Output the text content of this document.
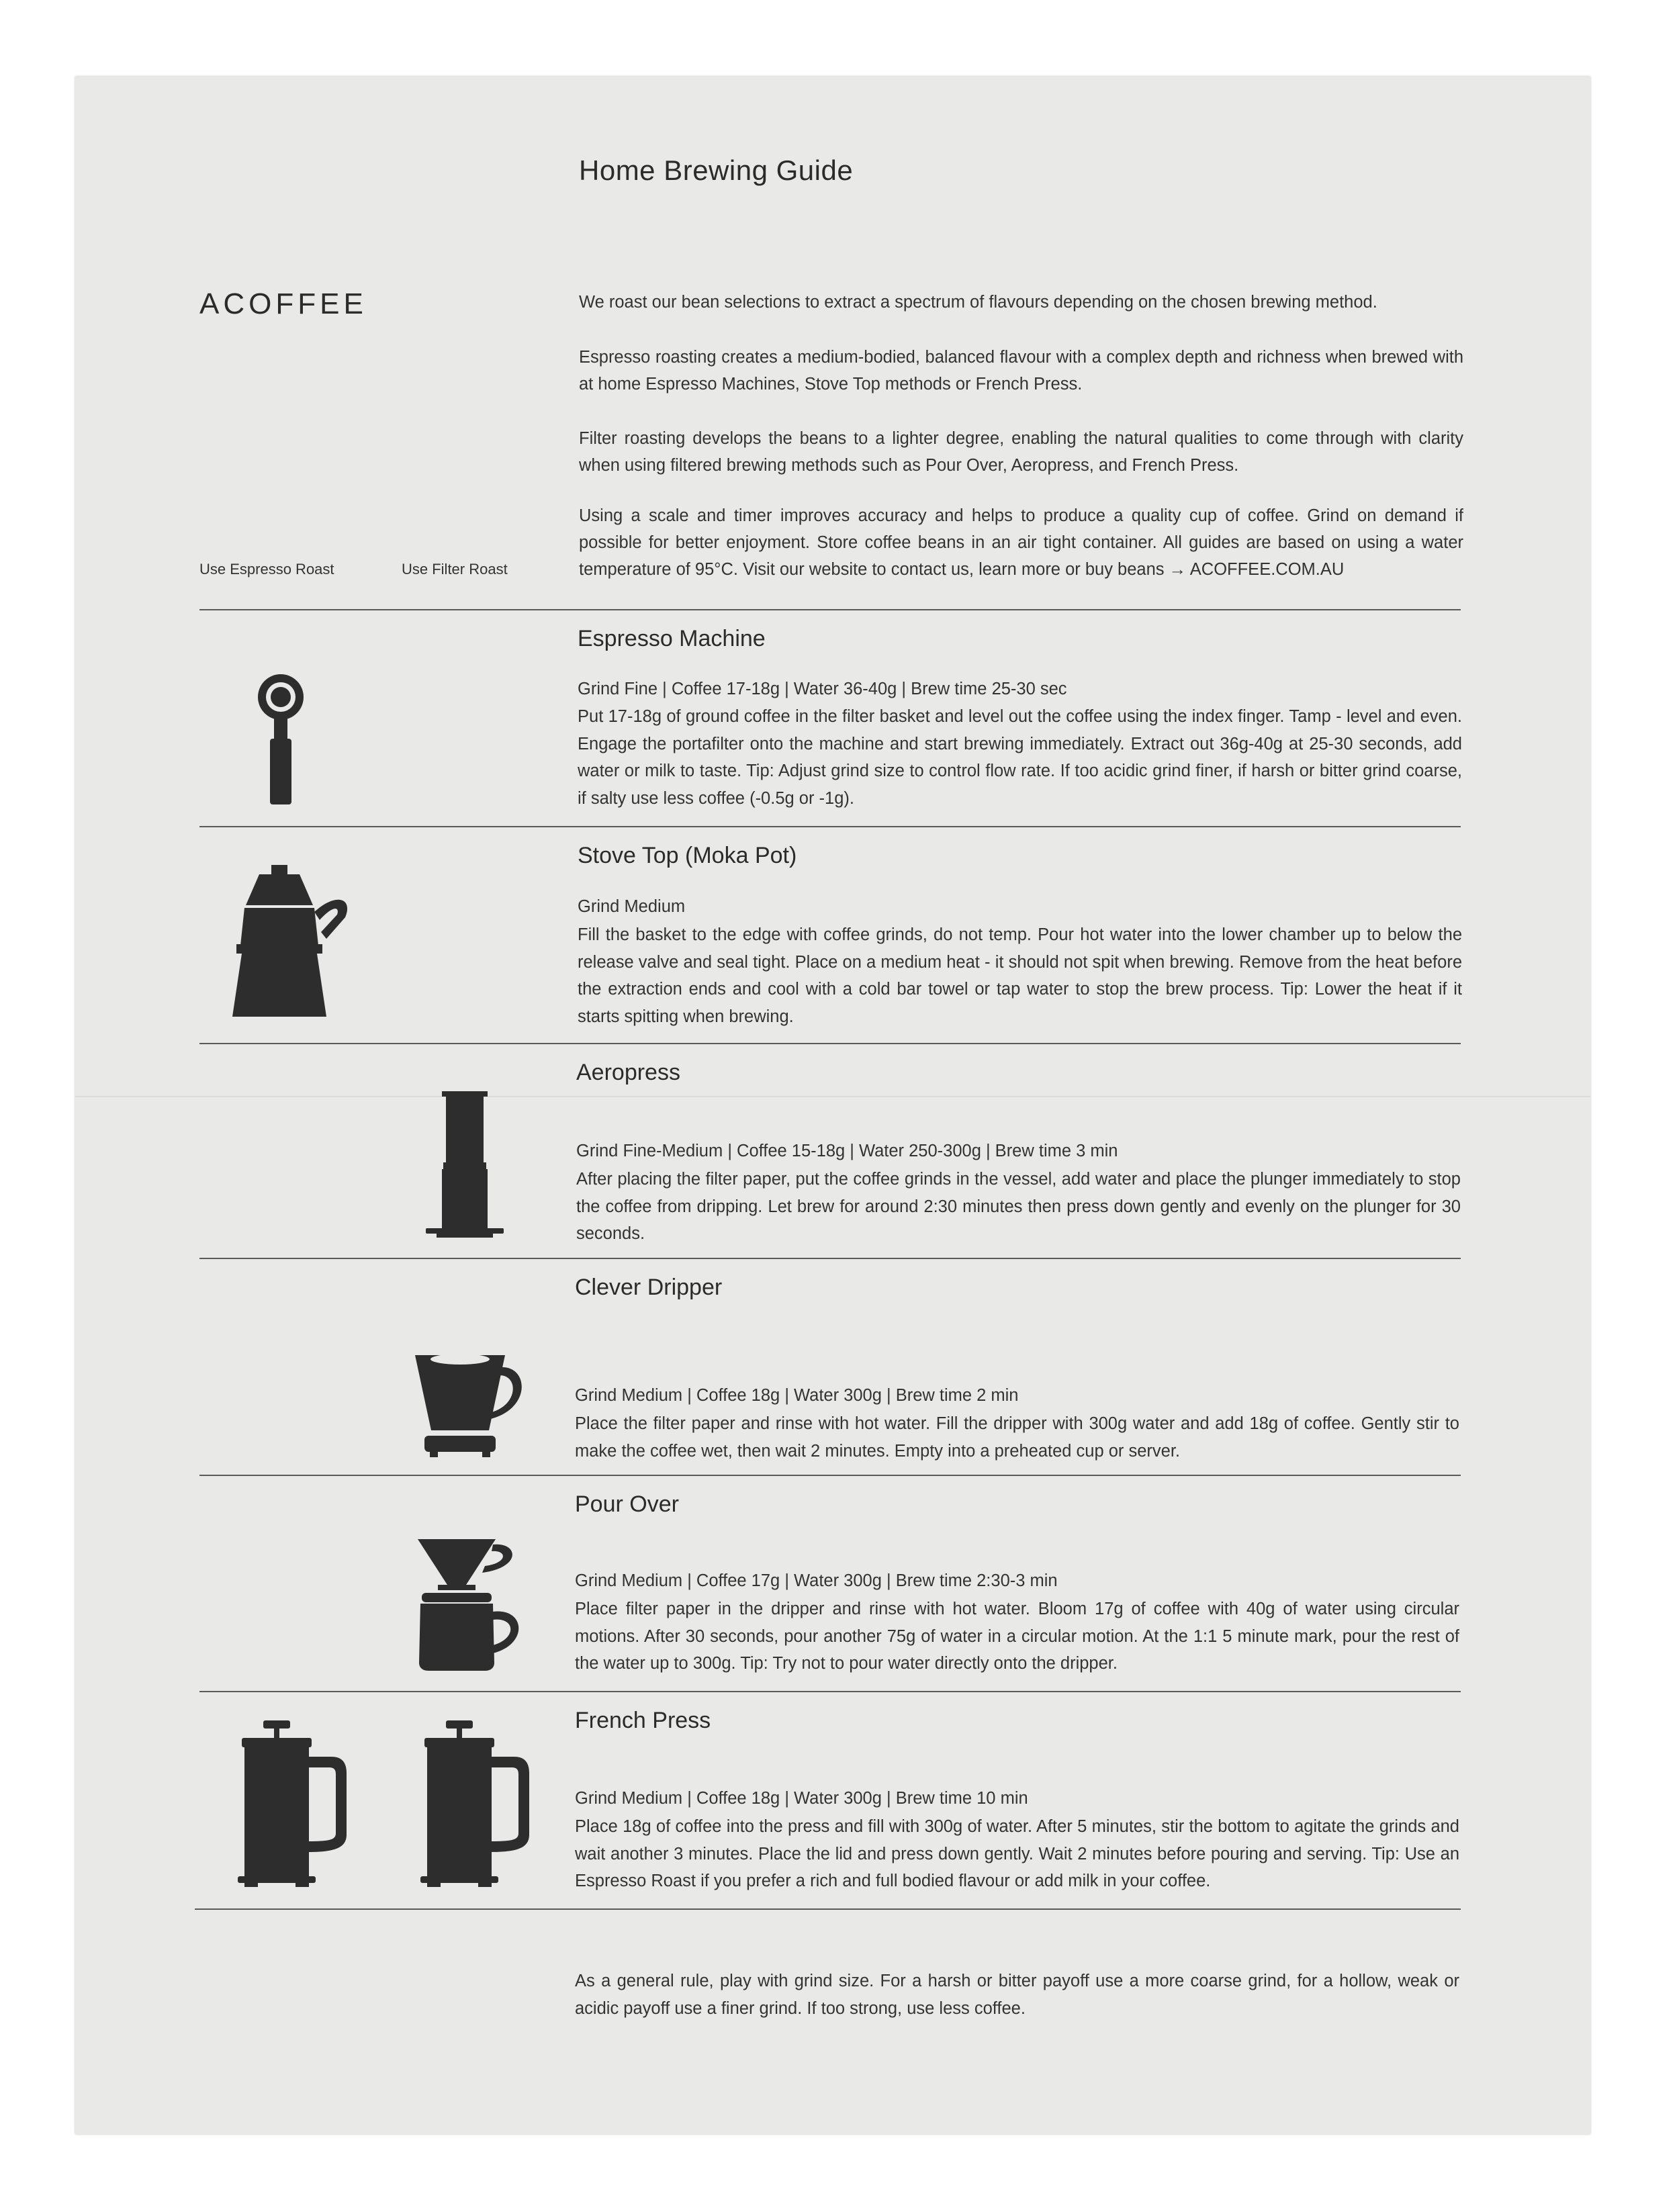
Home Brewing Guide
ACOFFEE
Use Espresso Roast	Use Filter Roast

We roast our bean selections to extract a spectrum of flavours depending on the chosen brewing method.

Espresso roasting creates a medium-bodied, balanced flavour with a complex depth and richness when brewed with at home Espresso Machines, Stove Top methods or French Press.

Filter roasting develops the beans to a lighter degree, enabling the natural qualities to come through with clarity when using filtered brewing methods such as Pour Over, Aeropress, and French Press.

Using a scale and timer improves accuracy and helps to produce a quality cup of coffee. Grind on demand if possible for better enjoyment. Store coffee beans in an air tight container. All guides are based on using a water temperature of 95°C. Visit our website to contact us, learn more or buy beans → ACOFFEE.COM.AU

Espresso Machine
Grind Fine | Coffee 17-18g | Water 36-40g | Brew time 25-30 sec

Put 17-18g of ground coffee in the filter basket and level out the coffee using the index finger. Tamp - level and even. Engage the portafilter onto the machine and start brewing immediately. Extract out 36g-40g at 25-30 seconds, add water or milk to taste. Tip: Adjust grind size to control flow rate. If too acidic grind finer, if harsh or bitter grind coarse, if salty use less coffee (-0.5g or -1g).

Stove Top (Moka Pot)
Grind Medium

Fill the basket to the edge with coffee grinds, do not temp. Pour hot water into the lower chamber up to below the release valve and seal tight. Place on a medium heat - it should not spit when brewing. Remove from the heat before the extraction ends and cool with a cold bar towel or tap water to stop the brew process. Tip: Lower the heat if it starts spitting when brewing.

Aeropress
Grind Fine-Medium | Coffee 15-18g | Water 250-300g | Brew time 3 min

After placing the filter paper, put the coffee grinds in the vessel, add water and place the plunger immediately to stop the coffee from dripping. Let brew for around 2:30 minutes then press down gently and evenly on the plunger for 30 seconds.

Clever Dripper
Grind Medium | Coffee 18g | Water 300g | Brew time 2 min

Place the filter paper and rinse with hot water. Fill the dripper with 300g water and add 18g of coffee. Gently stir to make the coffee wet, then wait 2 minutes. Empty into a preheated cup or server.

Pour Over
Grind Medium | Coffee 17g | Water 300g | Brew time 2:30-3 min

Place filter paper in the dripper and rinse with hot water. Bloom 17g of coffee with 40g of water using circular motions. After 30 seconds, pour another 75g of water in a circular motion. At the 1:1 5 minute mark, pour the rest of the water up to 300g. Tip: Try not to pour water directly onto the dripper.

French Press
Grind Medium | Coffee 18g | Water 300g | Brew time 10 min

Place 18g of coffee into the press and fill with 300g of water. After 5 minutes, stir the bottom to agitate the grinds and wait another 3 minutes. Place the lid and press down gently. Wait 2 minutes before pouring and serving. Tip: Use an Espresso Roast if you prefer a rich and full bodied flavour or add milk in your coffee.

As a general rule, play with grind size. For a harsh or bitter payoff use a more coarse grind, for a hollow, weak or acidic payoff use a finer grind. If too strong, use less coffee.
